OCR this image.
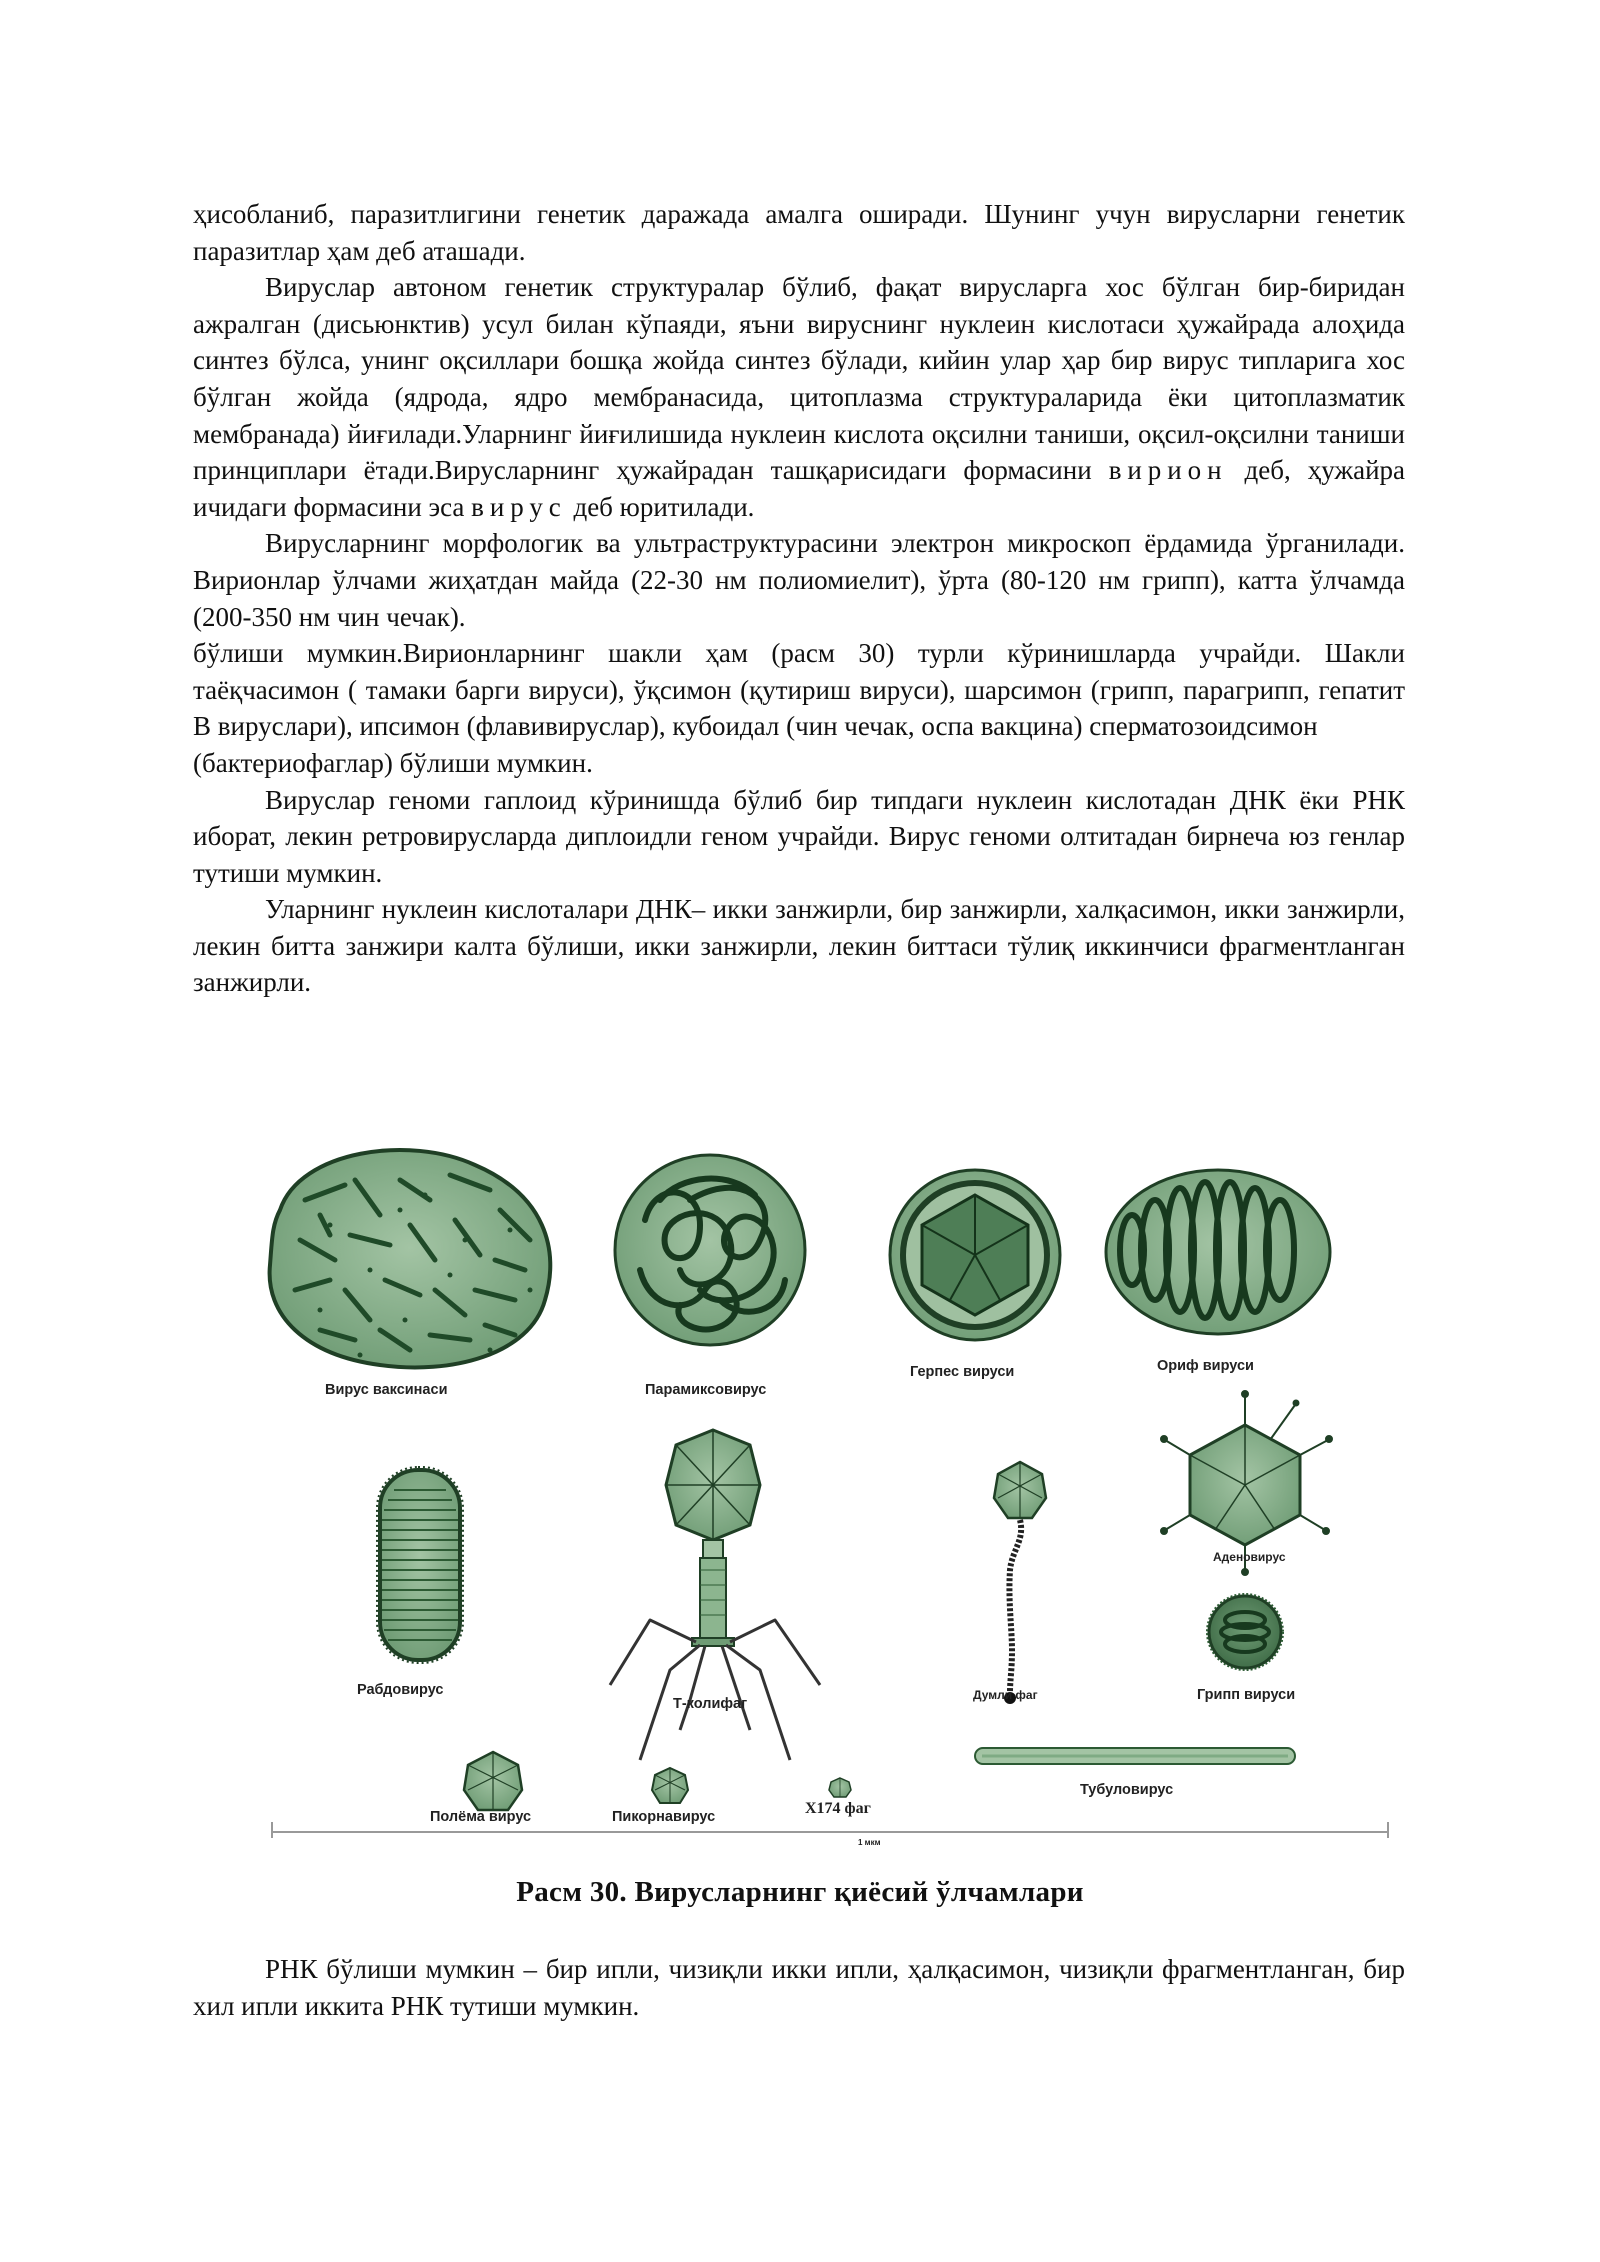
ҳисобланиб, паразитлигини генетик даражада амалга оширади. Шунинг учун вирусларни генетик паразитлар ҳам деб аташади.

Вируслар автоном генетик структуралар бўлиб, фақат вирусларга хос бўлган бир-биридан ажралган (дисьюнктив) усул билан кўпаяди, яъни вируснинг нуклеин кислотаси ҳужайрада алоҳида синтез бўлса, унинг оқсиллари бошқа жойда синтез бўлади, кийин улар ҳар бир вирус типларига хос бўлган жойда (ядрода, ядро мембранасида, цитоплазма структураларида ёки цитоплазматик мембранада) йиғилади.Уларнинг йиғилишида нуклеин кислота оқсилни таниши, оқсил-оқсилни таниши принциплари ётади.Вирусларнинг ҳужайрадан ташқарисидаги формасини вирион деб, ҳужайра ичидаги формасини эса вирус деб юритилади.

Вирусларнинг морфологик ва ультраструктурасини электрон микроскоп ёрдамида ўрганилади. Вирионлар ўлчами жиҳатдан майда (22-30 нм полиомиелит), ўрта (80-120 нм грипп), катта ўлчамда (200-350 нм чин чечак).

бўлиши мумкин.Вирионларнинг шакли ҳам (расм 30) турли кўринишларда учрайди. Шакли таёқчасимон ( тамаки барги вируси), ўқсимон (қутириш вируси), шарсимон (грипп, парагрипп, гепатит В вируслари), ипсимон (флавивируслар), кубоидал (чин чечак, оспа вакцина) сперматозоидсимон

(бактериофаглар) бўлиши мумкин.

Вируслар геноми гаплоид кўринишда бўлиб бир типдаги нуклеин кислотадан ДНК ёки РНК иборат, лекин ретровирусларда диплоидли геном учрайди. Вирус геноми олтитадан бирнеча юз генлар тутиши мумкин.

Уларнинг нуклеин кислоталари ДНК– икки занжирли, бир занжирли, халқасимон, икки занжирли, лекин битта занжири калта бўлиши, икки занжирли, лекин биттаси тўлиқ иккинчиси фрагментланган занжирли.

Вирус ваксинаси	Парамиксовирус
Герпес вируси	Ориф вируси
Аденовирус
Рабдовирус
Т-колифаг
Думли фаг	Грипп вируси
Полёма вирус	Пикорнавирус	Х174 фаг
Тубуловирус
1 мкм
Расм 30. Вирусларнинг қиёсий ўлчамлари

РНК бўлиши мумкин – бир ипли, чизиқли икки ипли, ҳалқасимон, чизиқли фрагментланган, бир хил ипли иккита РНК тутиши мумкин.
